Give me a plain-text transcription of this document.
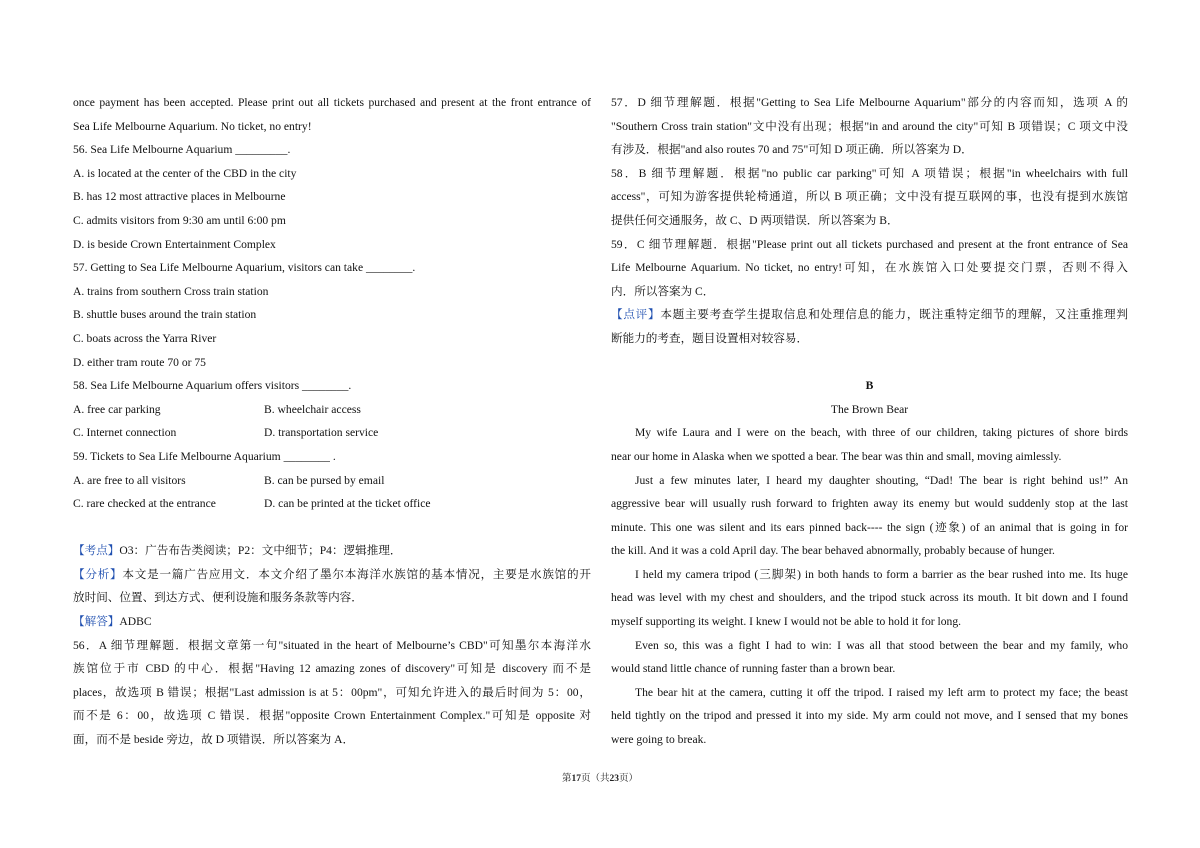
once payment has been accepted. Please print out all tickets purchased and present at the front entrance of
Sea Life Melbourne Aquarium. No ticket, no entry!
56. Sea Life Melbourne Aquarium _________.
A. is located at the center of the CBD in the city
B. has 12 most attractive places in Melbourne
C. admits visitors from 9:30 am until 6:00 pm
D. is beside Crown Entertainment Complex
57. Getting to Sea Life Melbourne Aquarium, visitors can take ________.
A. trains from southern Cross train station
B. shuttle buses around the train station
C. boats across the Yarra River
D. either tram route 70 or 75
58. Sea Life Melbourne Aquarium offers visitors ________.
A. free car parking	B. wheelchair access
C. Internet connection	D. transportation service
59. Tickets to Sea Life Melbourne Aquarium ________ .
A. are free to all visitors	B. can be pursed by email
C. rare checked at the entrance	D. can be printed at the ticket office
【考点】O3：广告布告类阅读；P2：文中细节；P4：逻辑推理．
【分析】本文是一篇广告应用文．本文介绍了墨尔本海洋水族馆的基本情况，主要是水族馆的开
放时间、位置、到达方式、便利设施和服务条款等内容．
【解答】ADBC
56．A 细节理解题．根据文章第一句"situated in the heart of Melbourne’s CBD"可知墨尔本海洋水
族馆位于市 CBD 的中心．根据"Having 12 amazing zones of discovery"可知是 discovery 而不是
places，故选项 B 错误；根据"Last admission is at 5：00pm"，可知允许进入的最后时间为 5：00，
而不是 6：00，故选项 C 错误．根据"opposite Crown Entertainment Complex."可知是 opposite 对
面，而不是 beside 旁边，故 D 项错误．所以答案为 A．
57．D 细节理解题．根据"Getting to Sea Life Melbourne Aquarium"部分的内容而知，选项 A 的
"Southern Cross train station"文中没有出现；根据"in and around the city"可知 B 项错误；C 项文中没
有涉及．根据"and also routes 70 and 75"可知 D 项正确．所以答案为 D．
58．B 细节理解题．根据"no public car parking"可知 A 项错误；根据"in wheelchairs with full
access"，可知为游客提供轮椅通道，所以 B 项正确；文中没有提互联网的事，也没有提到水族馆
提供任何交通服务，故 C、D 两项错误．所以答案为 B．
59．C 细节理解题．根据"Please print out all tickets purchased and present at the front entrance of Sea
Life Melbourne Aquarium. No ticket, no entry!可知，在水族馆入口处要提交门票，否则不得入
内．所以答案为 C．
【点评】本题主要考查学生提取信息和处理信息的能力，既注重特定细节的理解，又注重推理判
断能力的考查，题目设置相对较容易．
B
The Brown Bear
My wife Laura and I were on the beach, with three of our children, taking pictures of shore birds
near our home in Alaska when we spotted a bear. The bear was thin and small, moving aimlessly.
Just a few minutes later, I heard my daughter shouting, “Dad! The bear is right behind us!” An
aggressive bear will usually rush forward to frighten away its enemy but would suddenly stop at the last
minute. This one was silent and its ears pinned back---- the sign (迹象) of an animal that is going in for
the kill. And it was a cold April day. The bear behaved abnormally, probably because of hunger.
I held my camera tripod (三脚架) in both hands to form a barrier as the bear rushed into me. Its huge
head was level with my chest and shoulders, and the tripod stuck across its mouth. It bit down and I found
myself supporting its weight. I knew I would not be able to hold it for long.
Even so, this was a fight I had to win: I was all that stood between the bear and my family, who
would stand little chance of running faster than a brown bear.
The bear hit at the camera, cutting it off the tripod. I raised my left arm to protect my face; the beast
held tightly on the tripod and pressed it into my side. My arm could not move, and I sensed that my bones
were going to break.
第17页（共23页）
